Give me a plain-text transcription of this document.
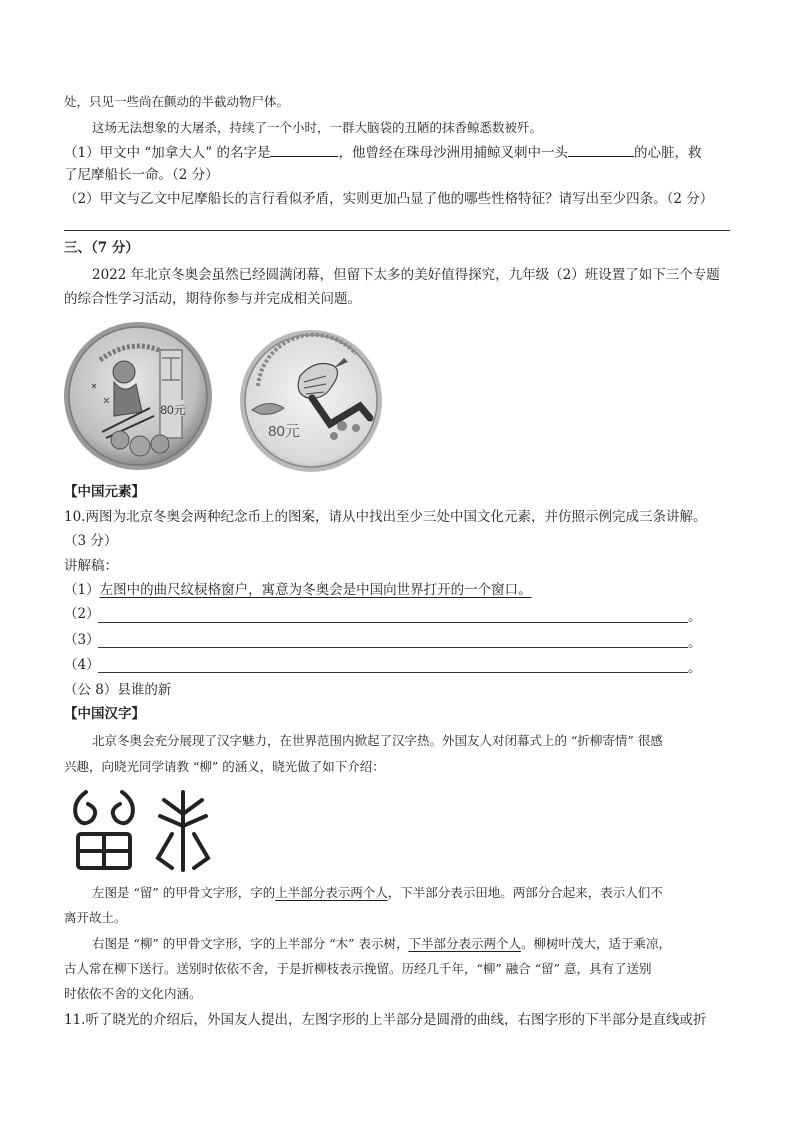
处，只见一些尚在颤动的半截动物尸体。
这场无法想象的大屠杀，持续了一个小时，一群大脑袋的丑陋的抹香鲸悉数被歼。
（1）甲文中 “加拿大人” 的名字是	，他曾经在珠母沙洲用捕鲸叉刺中一头	的心脏，救
了尼摩船长一命。（2 分）
（2）甲文与乙文中尼摩船长的言行看似矛盾，实则更加凸显了他的哪些性格特征？请写出至少四条。（2 分）
三、（7 分）
2022 年北京冬奥会虽然已经圆满闭幕，但留下太多的美好值得探究，九年级（2）班设置了如下三个专题
的综合性学习活动，期待你参与并完成相关问题。
80元
80元
【中国元素】
10.两图为北京冬奥会两种纪念币上的图案，请从中找出至少三处中国文化元素，并仿照示例完成三条讲解。
（3 分）
讲解稿：
（1）左图中的曲尺纹棂格窗户，寓意为冬奥会是中国向世界打开的一个窗口。
（2）	。
（3）	。
（4）	。
（公 8）县谁的新
【中国汉字】
北京冬奥会充分展现了汉字魅力，在世界范围内掀起了汉字热。外国友人对闭幕式上的 “折柳寄情” 很感
兴趣，向晓光同学请教 “柳” 的涵义，晓光做了如下介绍：
左图是 “留” 的甲骨文字形，字的上半部分表示两个人，下半部分表示田地。两部分合起来，表示人们不
离开故土。
右图是 “柳” 的甲骨文字形，字的上半部分 “木” 表示树，下半部分表示两个人。柳树叶茂大，适于乘凉，
古人常在柳下送行。送别时依依不舍，于是折柳枝表示挽留。历经几千年，“柳” 融合 “留” 意，具有了送别
时依依不舍的文化内涵。
11.听了晓光的介绍后，外国友人提出，左图字形的上半部分是圆滑的曲线，右图字形的下半部分是直线或折
